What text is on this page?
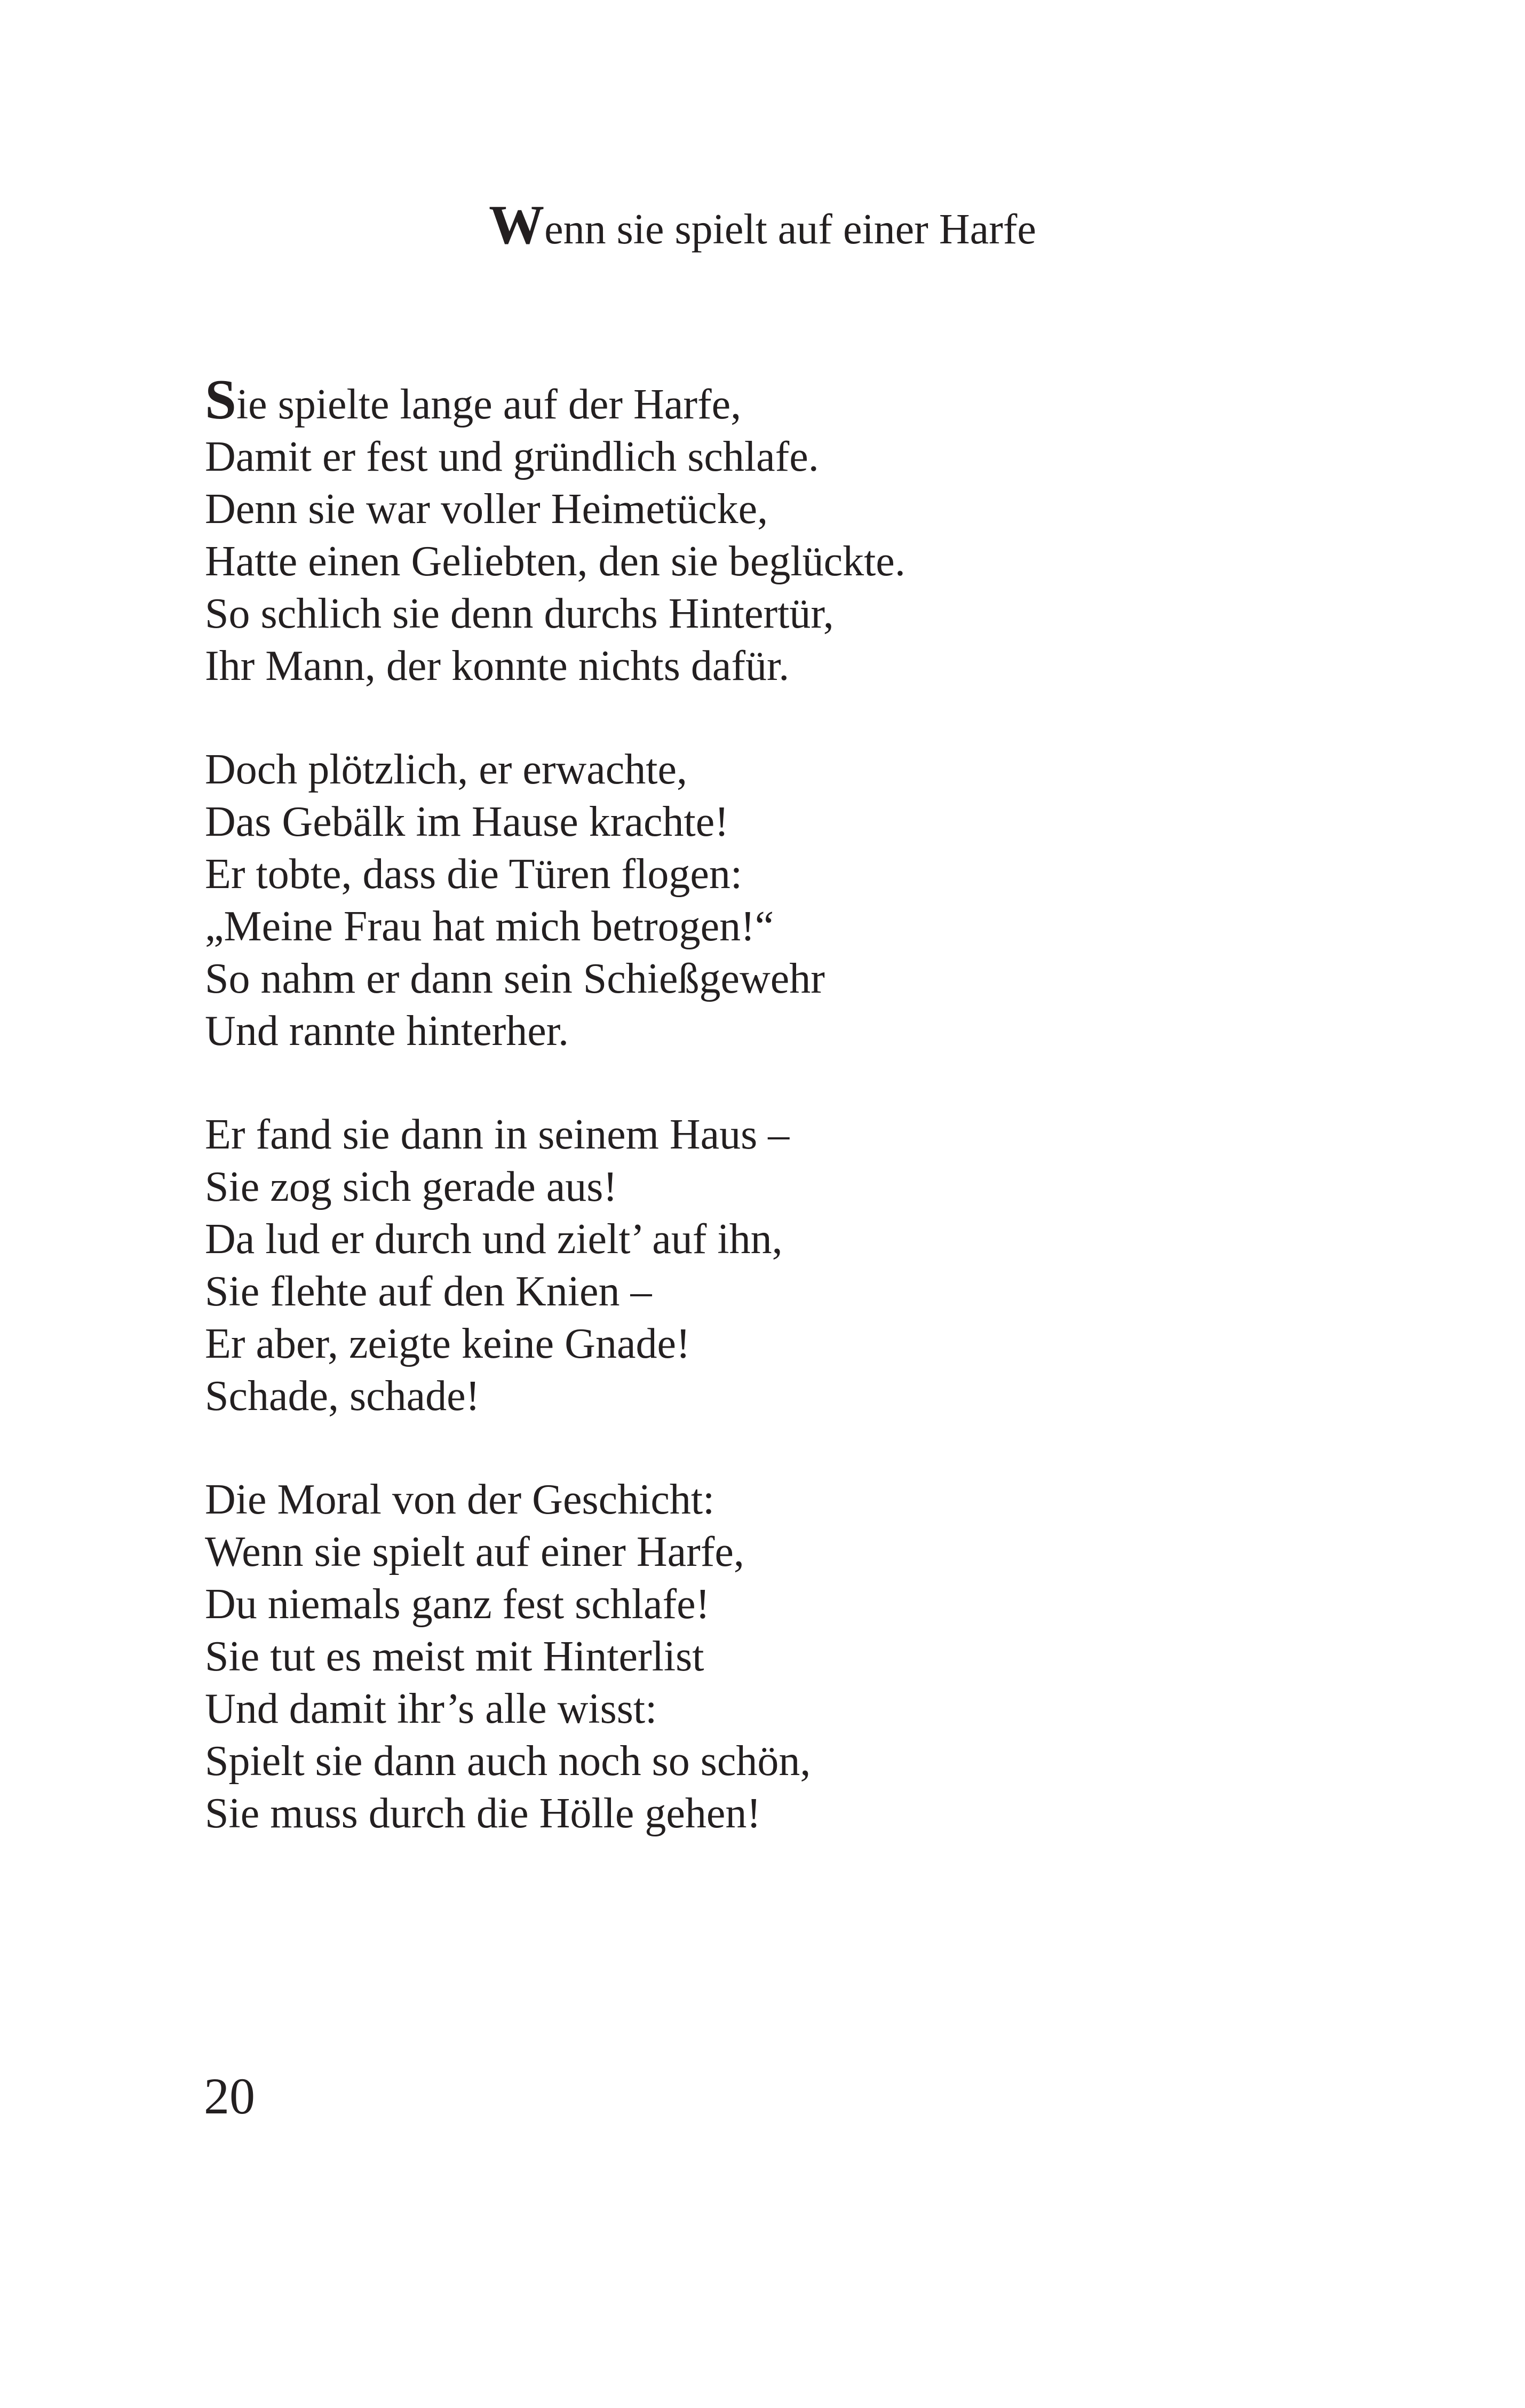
Wenn sie spielt auf einer Harfe
Sie spielte lange auf der Harfe,
Damit er fest und gründlich schlafe.
Denn sie war voller Heimetücke,
Hatte einen Geliebten, den sie beglückte.
So schlich sie denn durchs Hintertür,
Ihr Mann, der konnte nichts dafür.
Doch plötzlich, er erwachte,
Das Gebälk im Hause krachte!
Er tobte, dass die Türen flogen:
„Meine Frau hat mich betrogen!“
So nahm er dann sein Schießgewehr
Und rannte hinterher.
Er fand sie dann in seinem Haus –
Sie zog sich gerade aus!
Da lud er durch und zielt’ auf ihn,
Sie flehte auf den Knien –
Er aber, zeigte keine Gnade!
Schade, schade!
Die Moral von der Geschicht:
Wenn sie spielt auf einer Harfe,
Du niemals ganz fest schlafe!
Sie tut es meist mit Hinterlist
Und damit ihr’s alle wisst:
Spielt sie dann auch noch so schön,
Sie muss durch die Hölle gehen!
20
